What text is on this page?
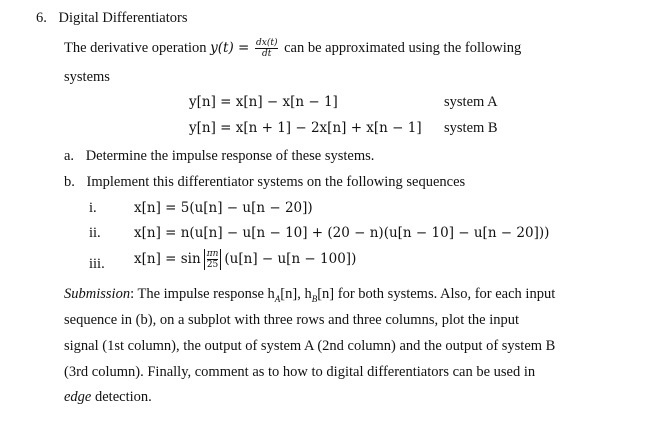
6. Digital Differentiators
The derivative operation $y(t) = \frac{dx(t)}{dt}$ can be approximated using the following
systems
y[n] = x[n] − x[n − 1]	system A
y[n] = x[n + 1] − 2x[n] + x[n − 1] system B
a. Determine the impulse response of these systems.
b. Implement this differentiator systems on the following sequences
i.	x[n] = 5(u[n] − u[n − 20])
ii. x[n] = n(u[n] − u[n − 10] + (20 − n)(u[n − 10] − u[n − 20]))
iii. $x[n] = \sin \frac{\pi n}{25} (u[n] - u[n - 100])$
Submission: The impulse response $h_A[n]$, $h_B[n]$ for both systems. Also, for each input
sequence in (b), on a subplot with three rows and three columns, plot the input
signal (1st column), the output of system A (2nd column) and the output of system B
(3rd column). Finally, comment as to how to digital differentiators can be used in
edge detection.
